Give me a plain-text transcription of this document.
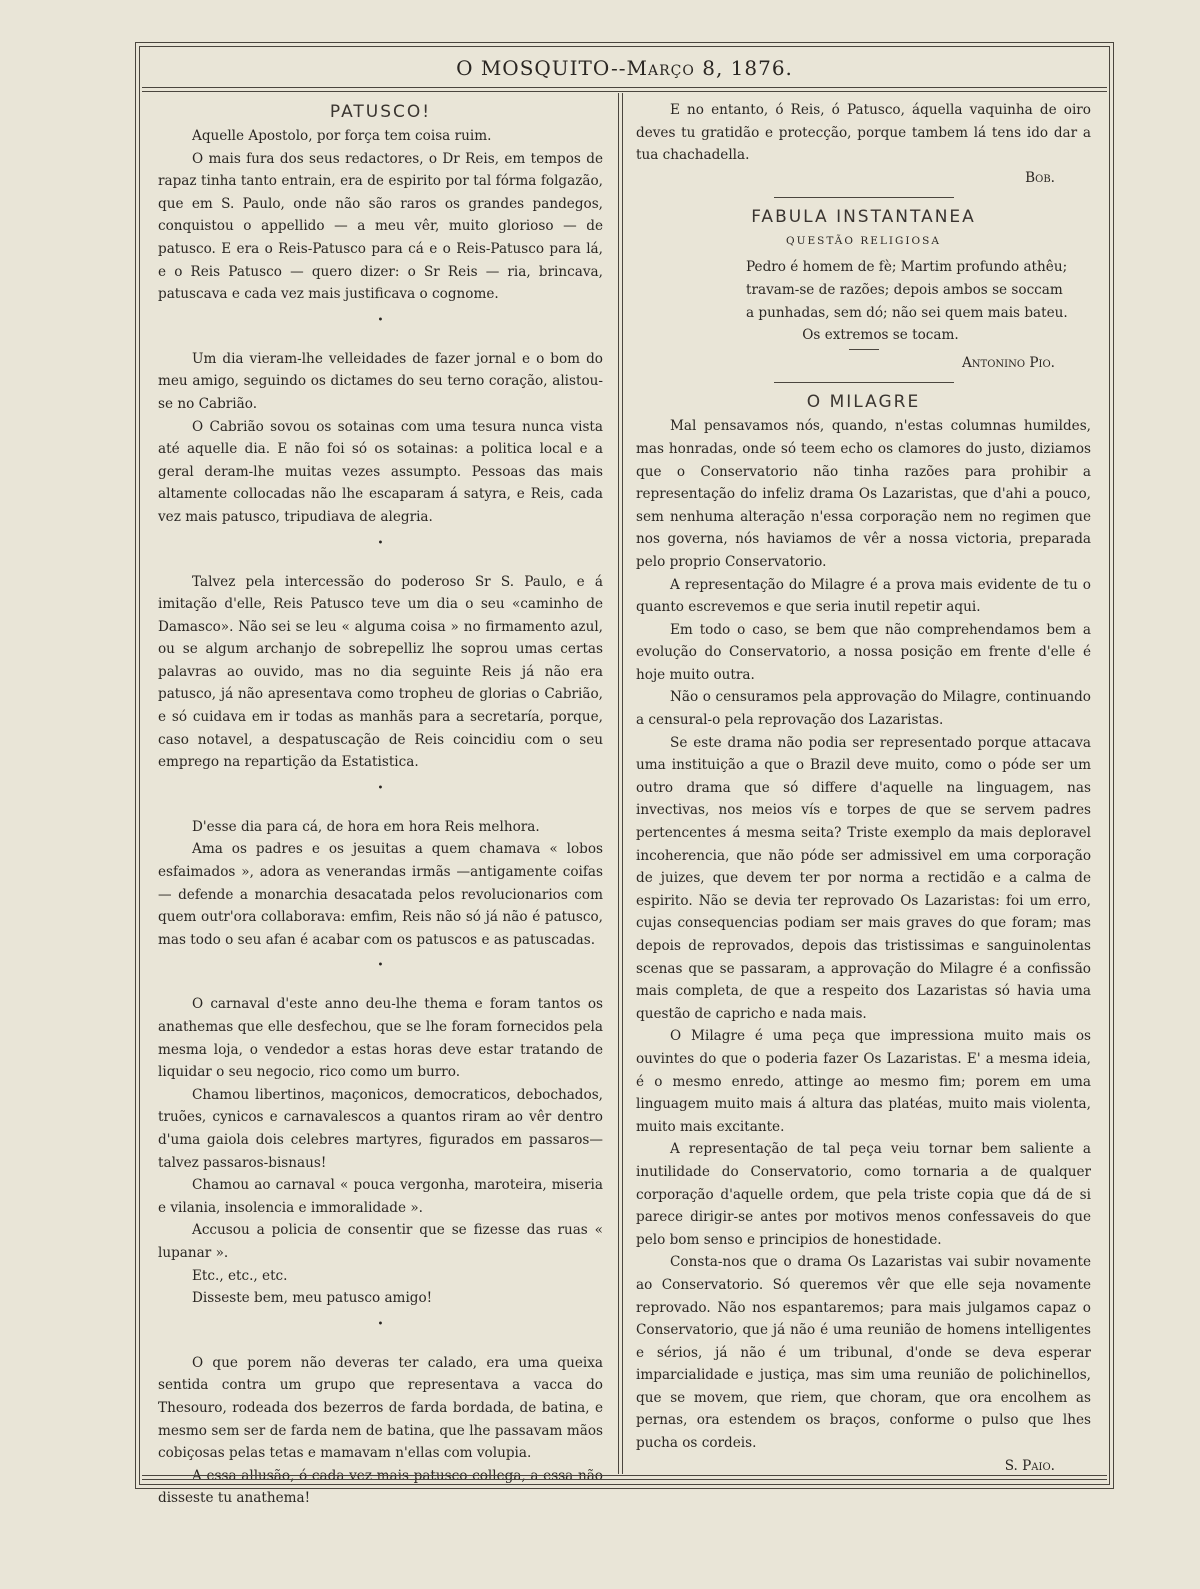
O MOSQUITO--Março 8, 1876.
PATUSCO!

Aquelle Apostolo, por força tem coisa ruim.

O mais fura dos seus redactores, o Dr Reis, em tempos de rapaz tinha tanto entrain, era de espirito por tal fórma folgazão, que em S. Paulo, onde não são raros os grandes pandegos, conquistou o appellido — a meu vêr, muito glorioso — de patusco. E era o Reis-Patusco para cá e o Reis-Patusco para lá, e o Reis Patusco — quero dizer: o Sr Reis — ria, brincava, patuscava e cada vez mais justificava o cognome.

•

Um dia vieram-lhe velleidades de fazer jornal e o bom do meu amigo, seguindo os dictames do seu terno coração, alistou-se no Cabrião.

O Cabrião sovou os sotainas com uma tesura nunca vista até aquelle dia. E não foi só os sotainas: a politica local e a geral deram-lhe muitas vezes assumpto. Pessoas das mais altamente collocadas não lhe escaparam á satyra, e Reis, cada vez mais patusco, tripudiava de alegria.

•

Talvez pela intercessão do poderoso Sr S. Paulo, e á imitação d'elle, Reis Patusco teve um dia o seu «caminho de Damasco». Não sei se leu « alguma coisa » no firmamento azul, ou se algum archanjo de sobrepelliz lhe soprou umas certas palavras ao ouvido, mas no dia seguinte Reis já não era patusco, já não apresentava como tropheu de glorias o Cabrião, e só cuidava em ir todas as manhãs para a secretaría, porque, caso notavel, a despatuscação de Reis coincidiu com o seu emprego na repartição da Estatistica.

•

D'esse dia para cá, de hora em hora Reis melhora.

Ama os padres e os jesuitas a quem chamava « lobos esfaimados », adora as venerandas irmãs —antigamente coifas — defende a monarchia desacatada pelos revolucionarios com quem outr'ora collaborava: emfim, Reis não só já não é patusco, mas todo o seu afan é acabar com os patuscos e as patuscadas.

•

O carnaval d'este anno deu-lhe thema e foram tantos os anathemas que elle desfechou, que se lhe foram fornecidos pela mesma loja, o vendedor a estas horas deve estar tratando de liquidar o seu negocio, rico como um burro.

Chamou libertinos, maçonicos, democraticos, debochados, truões, cynicos e carnavalescos a quantos riram ao vêr dentro d'uma gaiola dois celebres martyres, figurados em passaros— talvez passaros-bisnaus!

Chamou ao carnaval « pouca vergonha, maroteira, miseria e vilania, insolencia e immoralidade ».

Accusou a policia de consentir que se fizesse das ruas « lupanar ».

Etc., etc., etc.

Disseste bem, meu patusco amigo!

•

O que porem não deveras ter calado, era uma queixa sentida contra um grupo que representava a vacca do Thesouro, rodeada dos bezerros de farda bordada, de batina, e mesmo sem ser de farda nem de batina, que lhe passavam mãos cobiçosas pelas tetas e mamavam n'ellas com volupia.

A essa allusão, ó cada vez mais patusco collega, a essa não disseste tu anathema!

E no entanto, ó Reis, ó Patusco, áquella vaquinha de oiro deves tu gratidão e protecção, porque tambem lá tens ido dar a tua chachadella.

Bob.

FABULA INSTANTANEA
QUESTÃO RELIGIOSA

Pedro é homem de fè; Martim profundo athêu;

travam-se de razões; depois ambos se soccam

a punhadas, sem dó; não sei quem mais bateu.

Os extremos se tocam.

Antonino Pio.

O MILAGRE

Mal pensavamos nós, quando, n'estas columnas humildes, mas honradas, onde só teem echo os clamores do justo, diziamos que o Conservatorio não tinha razões para prohibir a representação do infeliz drama Os Lazaristas, que d'ahi a pouco, sem nenhuma alteração n'essa corporação nem no regimen que nos governa, nós haviamos de vêr a nossa victoria, preparada pelo proprio Conservatorio.

A representação do Milagre é a prova mais evidente de tu o quanto escrevemos e que seria inutil repetir aqui.

Em todo o caso, se bem que não comprehendamos bem a evolução do Conservatorio, a nossa posição em frente d'elle é hoje muito outra.

Não o censuramos pela approvação do Milagre, continuando a censural-o pela reprovação dos Lazaristas.

Se este drama não podia ser representado porque attacava uma instituição a que o Brazil deve muito, como o póde ser um outro drama que só differe d'aquelle na linguagem, nas invectivas, nos meios vís e torpes de que se servem padres pertencentes á mesma seita? Triste exemplo da mais deploravel incoherencia, que não póde ser admissivel em uma corporação de juizes, que devem ter por norma a rectidão e a calma de espirito. Não se devia ter reprovado Os Lazaristas: foi um erro, cujas consequencias podiam ser mais graves do que foram; mas depois de reprovados, depois das tristissimas e sanguinolentas scenas que se passaram, a approvação do Milagre é a confissão mais completa, de que a respeito dos Lazaristas só havia uma questão de capricho e nada mais.

O Milagre é uma peça que impressiona muito mais os ouvintes do que o poderia fazer Os Lazaristas. E' a mesma ideia, é o mesmo enredo, attinge ao mesmo fim; porem em uma linguagem muito mais á altura das platéas, muito mais violenta, muito mais excitante.

A representação de tal peça veiu tornar bem saliente a inutilidade do Conservatorio, como tornaria a de qualquer corporação d'aquelle ordem, que pela triste copia que dá de si parece dirigir-se antes por motivos menos confessaveis do que pelo bom senso e principios de honestidade.

Consta-nos que o drama Os Lazaristas vai subir novamente ao Conservatorio. Só queremos vêr que elle seja novamente reprovado. Não nos espantaremos; para mais julgamos capaz o Conservatorio, que já não é uma reunião de homens intelligentes e sérios, já não é um tribunal, d'onde se deva esperar imparcialidade e justiça, mas sim uma reunião de polichinellos, que se movem, que riem, que choram, que ora encolhem as pernas, ora estendem os braços, conforme o pulso que lhes pucha os cordeis.

S. Paio.
